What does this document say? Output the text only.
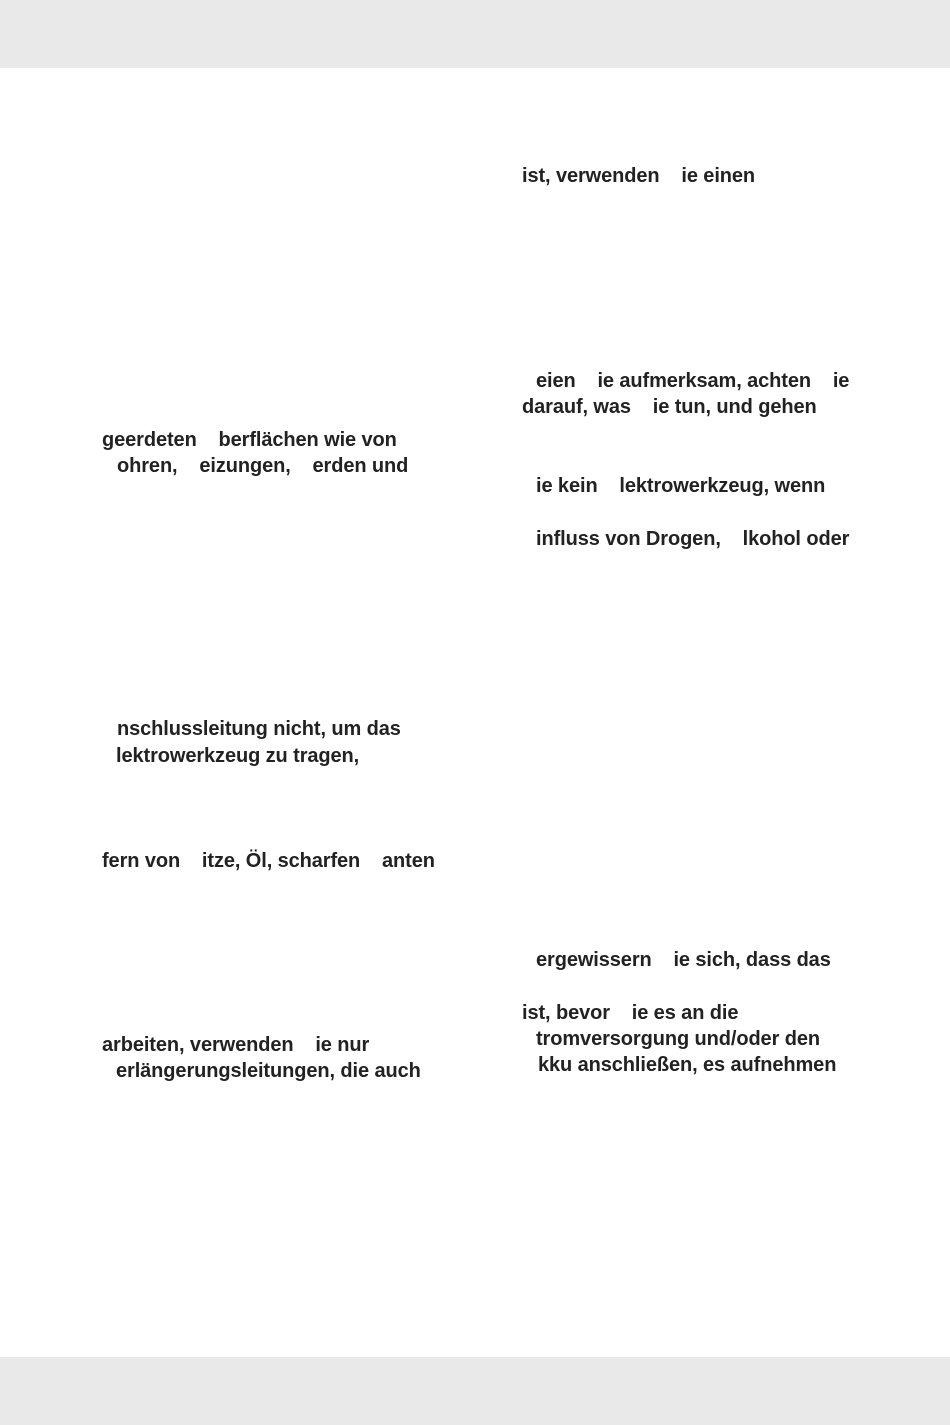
geerdeten    berflächen wie von
ohren,    eizungen,    erden und
nschlussleitung nicht, um das
lektrowerkzeug zu tragen,
fern von    itze, Öl, scharfen    anten
arbeiten, verwenden    ie nur
erlängerungsleitungen, die auch
ist, verwenden    ie einen
eien    ie aufmerksam, achten    ie
darauf, was    ie tun, und gehen
ie kein    lektrowerkzeug, wenn
influss von Drogen,    lkohol oder
ergewissern    ie sich, dass das
ist, bevor    ie es an die
tromversorgung und/oder den
kku anschließen, es aufnehmen
